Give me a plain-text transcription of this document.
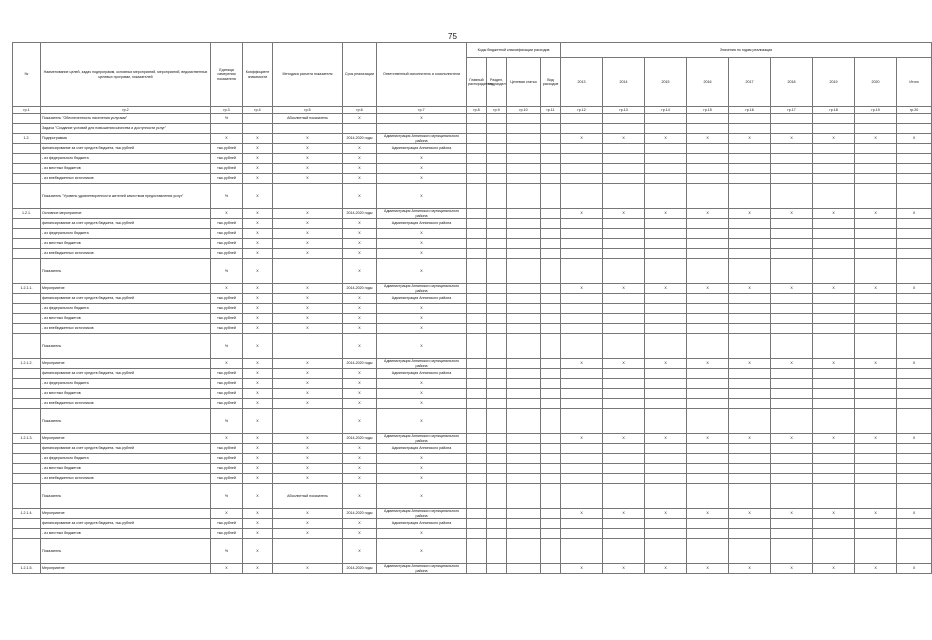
75
№	Наименование целей, задач подпрограмм, основных мероприятий, мероприятий, ведомственных целевых программ, показателей	Единица измерения показателя	Коэффициент значимости	Методика расчета показателя	Срок реализации	Ответственный исполнитель и соисполнители	Коды бюджетной классификации расходов				Значения по годам реализации								
							Главный распорядитель	Раздел, подраздел	Целевая статья	Вид расходов	2013	2014	2015	2016	2017	2018	2019	2020	Итого
гр.1	гр.2	гр.3	гр.4	гр.5	гр.6	гр.7	гр.8	гр.9	гр.10	гр.11	гр.12	гр.13	гр.14	гр.15	гр.16	гр.17	гр.18	гр.19	гр.20
	Показатель "Обеспеченность населения услугами"	%		Абсолютный показатель	X	X													
	Задача "Создание условий для повышения качества и доступности услуг"																		
1.2.	Подпрограмма	X	X	X	2014-2020 годы	Администрация Аннинского муниципального района					X	X	X	X	X	X	X	X	X
	финансирование за счет средств бюджета, тыс.рублей	тыс.рублей	X	X	X	Администрация Аннинского района													
	- из федерального бюджета	тыс.рублей	X	X	X	X													
	- из местных бюджетов	тыс.рублей	X	X	X	X													
	- из внебюджетных источников	тыс.рублей	X	X	X	X													
	Показатель "Уровень удовлетворенности жителей качеством предоставления услуг"	%	X		X	X													
1.2.1.	Основное мероприятие	X	X	X	2014-2020 годы	Администрация Аннинского муниципального района					X	X	X	X	X	X	X	X	X
	финансирование за счет средств бюджета, тыс.рублей	тыс.рублей	X	X	X	Администрация Аннинского района													
	- из федерального бюджета	тыс.рублей	X	X	X	X													
	- из местных бюджетов	тыс.рублей	X	X	X	X													
	- из внебюджетных источников	тыс.рублей	X	X	X	X													
	Показатель	%	X		X	X													
1.2.1.1.	Мероприятие	X	X	X	2014-2020 годы	Администрация Аннинского муниципального района					X	X	X	X	X	X	X	X	X
	финансирование за счет средств бюджета, тыс.рублей	тыс.рублей	X	X	X	Администрация Аннинского района													
	- из федерального бюджета	тыс.рублей	X	X	X	X													
	- из местных бюджетов	тыс.рублей	X	X	X	X													
	- из внебюджетных источников	тыс.рублей	X	X	X	X													
	Показатель	%	X		X	X													
1.2.1.2.	Мероприятие	X	X	X	2014-2020 годы	Администрация Аннинского муниципального района					X	X	X	X	X	X	X	X	X
	финансирование за счет средств бюджета, тыс.рублей	тыс.рублей	X	X	X	Администрация Аннинского района													
	- из федерального бюджета	тыс.рублей	X	X	X	X													
	- из местных бюджетов	тыс.рублей	X	X	X	X													
	- из внебюджетных источников	тыс.рублей	X	X	X	X													
	Показатель	%	X		X	X													
1.2.1.3.	Мероприятие	X	X	X	2014-2020 годы	Администрация Аннинского муниципального района					X	X	X	X	X	X	X	X	X
	финансирование за счет средств бюджета, тыс.рублей	тыс.рублей	X	X	X	Администрация Аннинского района													
	- из федерального бюджета	тыс.рублей	X	X	X	X													
	- из местных бюджетов	тыс.рублей	X	X	X	X													
	- из внебюджетных источников	тыс.рублей	X	X	X	X													
	Показатель	%	X	Абсолютный показатель	X	X													
1.2.1.4.	Мероприятие	X	X	X	2014-2020 годы	Администрация Аннинского муниципального района					X	X	X	X	X	X	X	X	X
	финансирование за счет средств бюджета, тыс.рублей	тыс.рублей	X	X	X	Администрация Аннинского района													
	- из местных бюджетов	тыс.рублей	X	X	X	X													
	Показатель	%	X		X	X													
1.2.1.5.	Мероприятие	X	X	X	2014-2020 годы	Администрация Аннинского муниципального района					X	X	X	X	X	X	X	X	X
